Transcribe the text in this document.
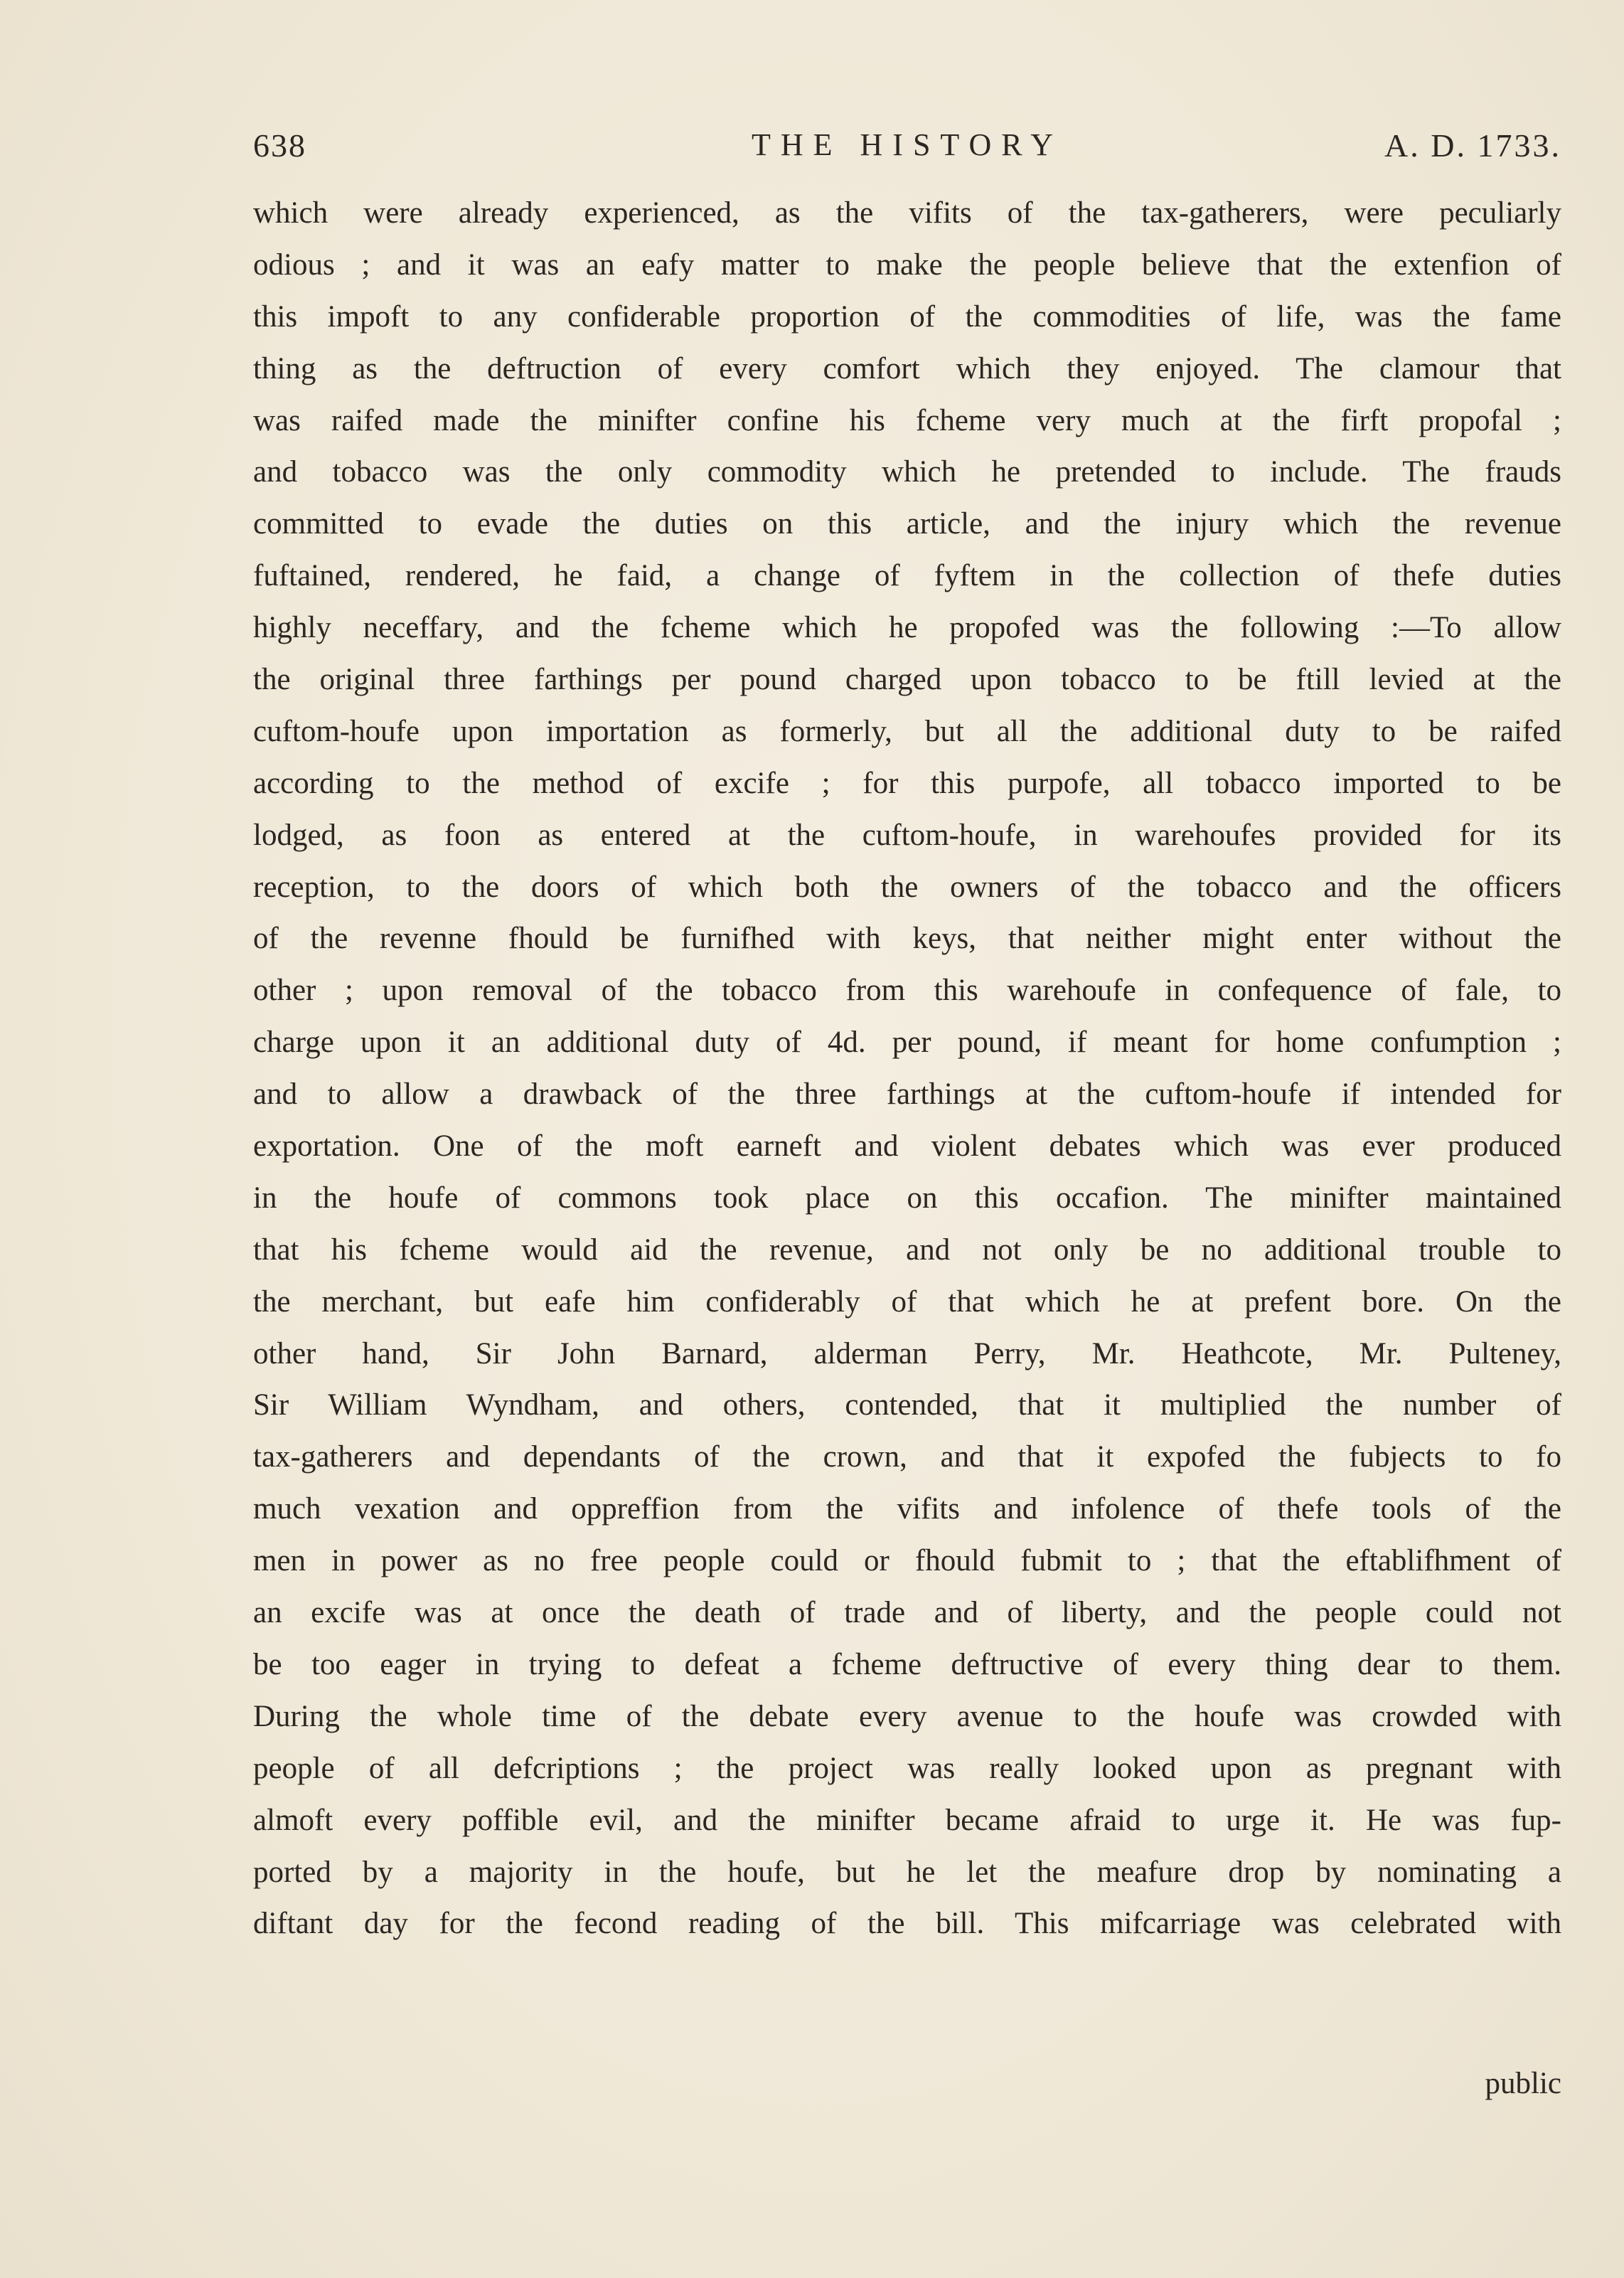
638	THE HISTORY	A. D. 1733.
which were already experienced, as the vifits of the tax-gatherers, were peculiarly
odious ; and it was an eafy matter to make the people believe that the extenfion of
this impoft to any confiderable proportion of the commodities of life, was the fame
thing as the deftruction of every comfort which they enjoyed. The clamour that
was raifed made the minifter confine his fcheme very much at the firft propofal ;
and tobacco was the only commodity which he pretended to include. The frauds
committed to evade the duties on this article, and the injury which the revenue
fuftained, rendered, he faid, a change of fyftem in the collection of thefe duties
highly neceffary, and the fcheme which he propofed was the following :—To allow
the original three farthings per pound charged upon tobacco to be ftill levied at the
cuftom-houfe upon importation as formerly, but all the additional duty to be raifed
according to the method of excife ; for this purpofe, all tobacco imported to be
lodged, as foon as entered at the cuftom-houfe, in warehoufes provided for its
reception, to the doors of which both the owners of the tobacco and the officers
of the revenne fhould be furnifhed with keys, that neither might enter without the
other ; upon removal of the tobacco from this warehoufe in confequence of fale, to
charge upon it an additional duty of 4d. per pound, if meant for home confumption ;
and to allow a drawback of the three farthings at the cuftom-houfe if intended for
exportation. One of the moft earneft and violent debates which was ever produced
in the houfe of commons took place on this occafion. The minifter maintained
that his fcheme would aid the revenue, and not only be no additional trouble to
the merchant, but eafe him confiderably of that which he at prefent bore. On the
other hand, Sir John Barnard, alderman Perry, Mr. Heathcote, Mr. Pulteney,
Sir William Wyndham, and others, contended, that it multiplied the number of
tax-gatherers and dependants of the crown, and that it expofed the fubjects to fo
much vexation and oppreffion from the vifits and infolence of thefe tools of the
men in power as no free people could or fhould fubmit to ; that the eftablifhment of
an excife was at once the death of trade and of liberty, and the people could not
be too eager in trying to defeat a fcheme deftructive of every thing dear to them.
During the whole time of the debate every avenue to the houfe was crowded with
people of all defcriptions ; the project was really looked upon as pregnant with
almoft every poffible evil, and the minifter became afraid to urge it. He was fup-
ported by a majority in the houfe, but he let the meafure drop by nominating a
diftant day for the fecond reading of the bill. This mifcarriage was celebrated with
public
